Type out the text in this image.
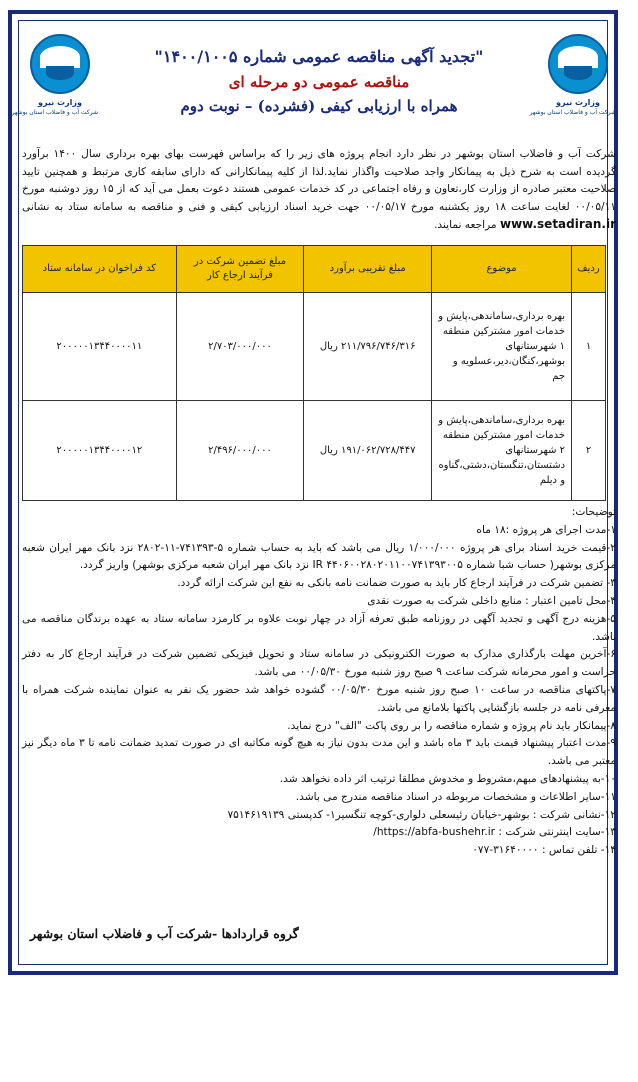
وزارت نیرو
شرکت آب و فاضلاب استان بوشهر
وزارت نیرو
شرکت آب و فاضلاب استان بوشهر
"تجدید آگهی مناقصه عمومی شماره ۱۴۰۰/۱۰۰۵"
مناقصه عمومی دو مرحله ای
همراه با ارزیابی کیفی (فشرده) – نوبت دوم
شرکت آب و فاضلاب استان بوشهر در نظر دارد انجام پروژه های زیر را که براساس فهرست بهای بهره برداری سال ۱۴۰۰ برآورد گردیده است به شرح ذیل به پیمانکار واجد صلاحیت واگذار نماید.لذا از کلیه پیمانکارانی که دارای سابقه کاری مرتبط و همچنین تایید صلاحیت معتبر صادره از وزارت کار،تعاون و رفاه اجتماعی در کد خدمات عمومی هستند دعوت بعمل می آید که از ۱۵ روز دوشنبه مورخ ۰۰/۰۵/۱۱ لغایت ساعت ۱۸ روز یکشنبه مورخ ۰۰/۰۵/۱۷ جهت خرید اسناد ارزیابی کیفی و فنی و مناقصه به سامانه ستاد به نشانی www.setadiran.ir مراجعه نمایند.
ردیف	موضوع	مبلغ تقریبی برآورد	مبلغ تضمین شرکت در فرآیند ارجاع کار	کد فراخوان در سامانه ستاد
۱	بهره برداری،ساماندهی،پایش و خدمات امور مشترکین منطقه ۱ شهرستانهای بوشهر،کنگان،دیر،عسلویه و جم	۲۱۱/۷۹۶/۷۴۶/۳۱۶ ریال	۲/۷۰۳/۰۰۰/۰۰۰	۲۰۰۰۰۰۱۳۴۴۰۰۰۰۱۱
۲	بهره برداری،ساماندهی،پایش و خدمات امور مشترکین منطقه ۲ شهرستانهای دشتستان،تنگستان،دشتی،گناوه و دیلم	۱۹۱/۰۶۲/۷۲۸/۴۴۷ ریال	۲/۴۹۶/۰۰۰/۰۰۰	۲۰۰۰۰۰۱۳۴۴۰۰۰۰۱۲

توضیحات:

۱-مدت اجرای هر پروژه :۱۸ ماه

۲-قیمت خرید اسناد برای هر پروژه ۱/۰۰۰/۰۰۰ ریال می باشد که باید به حساب شماره ۵-۷۴۱۳۹۳-۱۱-۲۸۰۲ نزد بانک مهر ایران شعبه مرکزی بوشهر( حساب شبا شماره IR ۴۴۰۶۰۰۲۸۰۲۰۱۱۰۰۷۴۱۳۹۳۰۰۵ نزد بانک مهر ایران شعبه مرکزی بوشهر) واریز گردد.

۳- تضمین شرکت در فرآیند ارجاع کار باید به صورت ضمانت نامه بانکی به نفع این شرکت ارائه گردد.

۴-محل تامین اعتبار : منابع داخلی شرکت به صورت نقدی

۵-هزینه درج آگهی و تجدید آگهی در روزنامه طبق تعرفه آزاد در چهار نوبت علاوه بر کارمزد سامانه ستاد به عهده برندگان مناقصه می باشد.

۶-آخرین مهلت بارگذاری مدارک به صورت الکترونیکی در سامانه ستاد و تحویل فیزیکی تضمین شرکت در فرآیند ارجاع کار به دفتر حراست و امور محرمانه شرکت ساعت ۹ صبح روز شنبه مورخ ۰۰/۰۵/۳۰ می باشد.

۷-پاکتهای مناقصه در ساعت ۱۰ صبح روز شنبه مورخ ۰۰/۰۵/۳۰ گشوده خواهد شد حضور یک نفر به عنوان نماینده شرکت همراه با معرفی نامه در جلسه بازگشایی پاکتها بلامانع می باشد.

۸-پیمانکار باید نام پروژه و شماره مناقصه را بر روی پاکت "الف" درج نماید.

۹-مدت اعتبار پیشنهاد قیمت باید ۳ ماه باشد و این مدت بدون نیاز به هیچ گونه مکاتبه ای در صورت تمدید ضمانت نامه تا ۳ ماه دیگر نیز معتبر می باشد.

۱۰-به پیشنهادهای مبهم،مشروط و مخدوش مطلقا ترتیب اثر داده نخواهد شد.

۱۱-سایر اطلاعات و مشخصات مربوطه در اسناد مناقصه مندرج می باشد.

۱۲-نشانی شرکت : بوشهر-خیابان رئیسعلی دلواری-کوچه تنگسیر۱- کدپستی ۷۵۱۴۶۱۹۱۳۹

۱۳-سایت اینترنتی شرکت : https://abfa-bushehr.ir/

۱۴- تلفن تماس : ۳۱۶۴۰۰۰۰-۰۷۷

گروه قراردادها -شرکت آب و فاضلاب استان بوشهر
